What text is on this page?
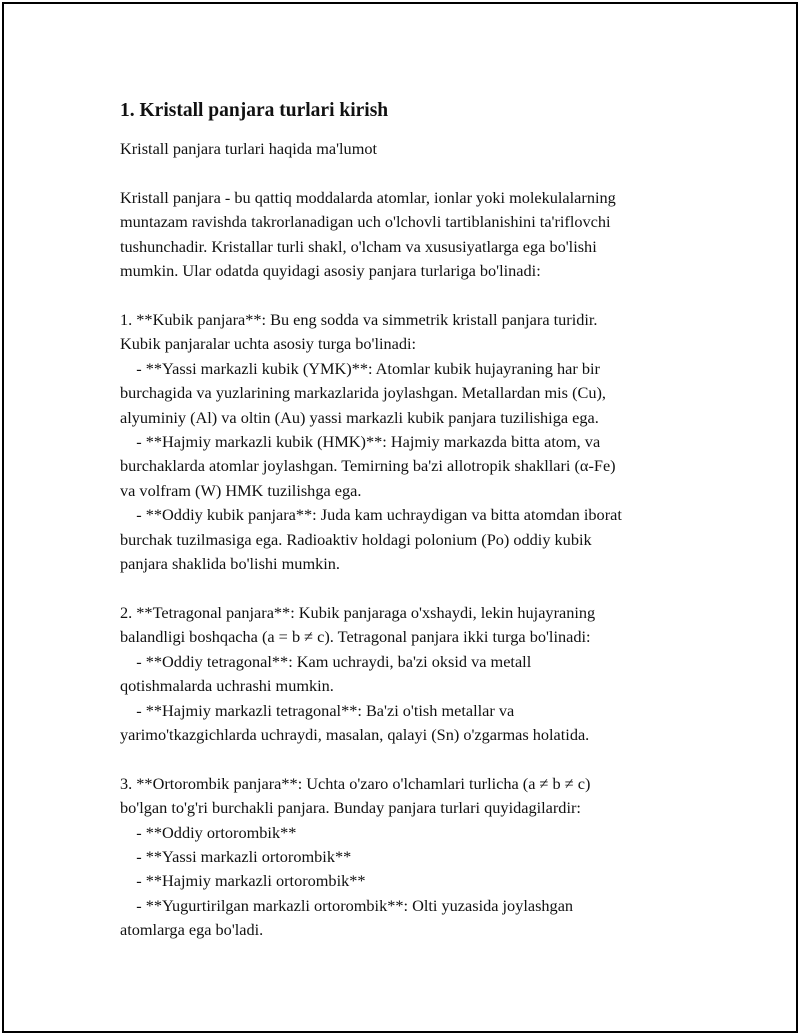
1. Kristall panjara turlari kirish
Kristall panjara turlari haqida ma'lumot
Kristall panjara - bu qattiq moddalarda atomlar, ionlar yoki molekulalarning
muntazam ravishda takrorlanadigan uch o'lchovli tartiblanishini ta'riflovchi
tushunchadir. Kristallar turli shakl, o'lcham va xususiyatlarga ega bo'lishi
mumkin. Ular odatda quyidagi asosiy panjara turlariga bo'linadi:

1. **Kubik panjara**: Bu eng sodda va simmetrik kristall panjara turidir.
Kubik panjaralar uchta asosiy turga bo'linadi:
- **Yassi markazli kubik (YMK)**: Atomlar kubik hujayraning har bir
burchagida va yuzlarining markazlarida joylashgan. Metallardan mis (Cu),
alyuminiy (Al) va oltin (Au) yassi markazli kubik panjara tuzilishiga ega.
- **Hajmiy markazli kubik (HMK)**: Hajmiy markazda bitta atom, va
burchaklarda atomlar joylashgan. Temirning ba'zi allotropik shakllari (α-Fe)
va volfram (W) HMK tuzilishga ega.
- **Oddiy kubik panjara**: Juda kam uchraydigan va bitta atomdan iborat
burchak tuzilmasiga ega. Radioaktiv holdagi polonium (Po) oddiy kubik
panjara shaklida bo'lishi mumkin.

2. **Tetragonal panjara**: Kubik panjaraga o'xshaydi, lekin hujayraning
balandligi boshqacha (a = b ≠ c). Tetragonal panjara ikki turga bo'linadi:
- **Oddiy tetragonal**: Kam uchraydi, ba'zi oksid va metall
qotishmalarda uchrashi mumkin.
- **Hajmiy markazli tetragonal**: Ba'zi o'tish metallar va
yarimo'tkazgichlarda uchraydi, masalan, qalayi (Sn) o'zgarmas holatida.

3. **Ortorombik panjara**: Uchta o'zaro o'lchamlari turlicha (a ≠ b ≠ c)
bo'lgan to'g'ri burchakli panjara. Bunday panjara turlari quyidagilardir:
- **Oddiy ortorombik**
- **Yassi markazli ortorombik**
- **Hajmiy markazli ortorombik**
- **Yugurtirilgan markazli ortorombik**: Olti yuzasida joylashgan
atomlarga ega bo'ladi.
